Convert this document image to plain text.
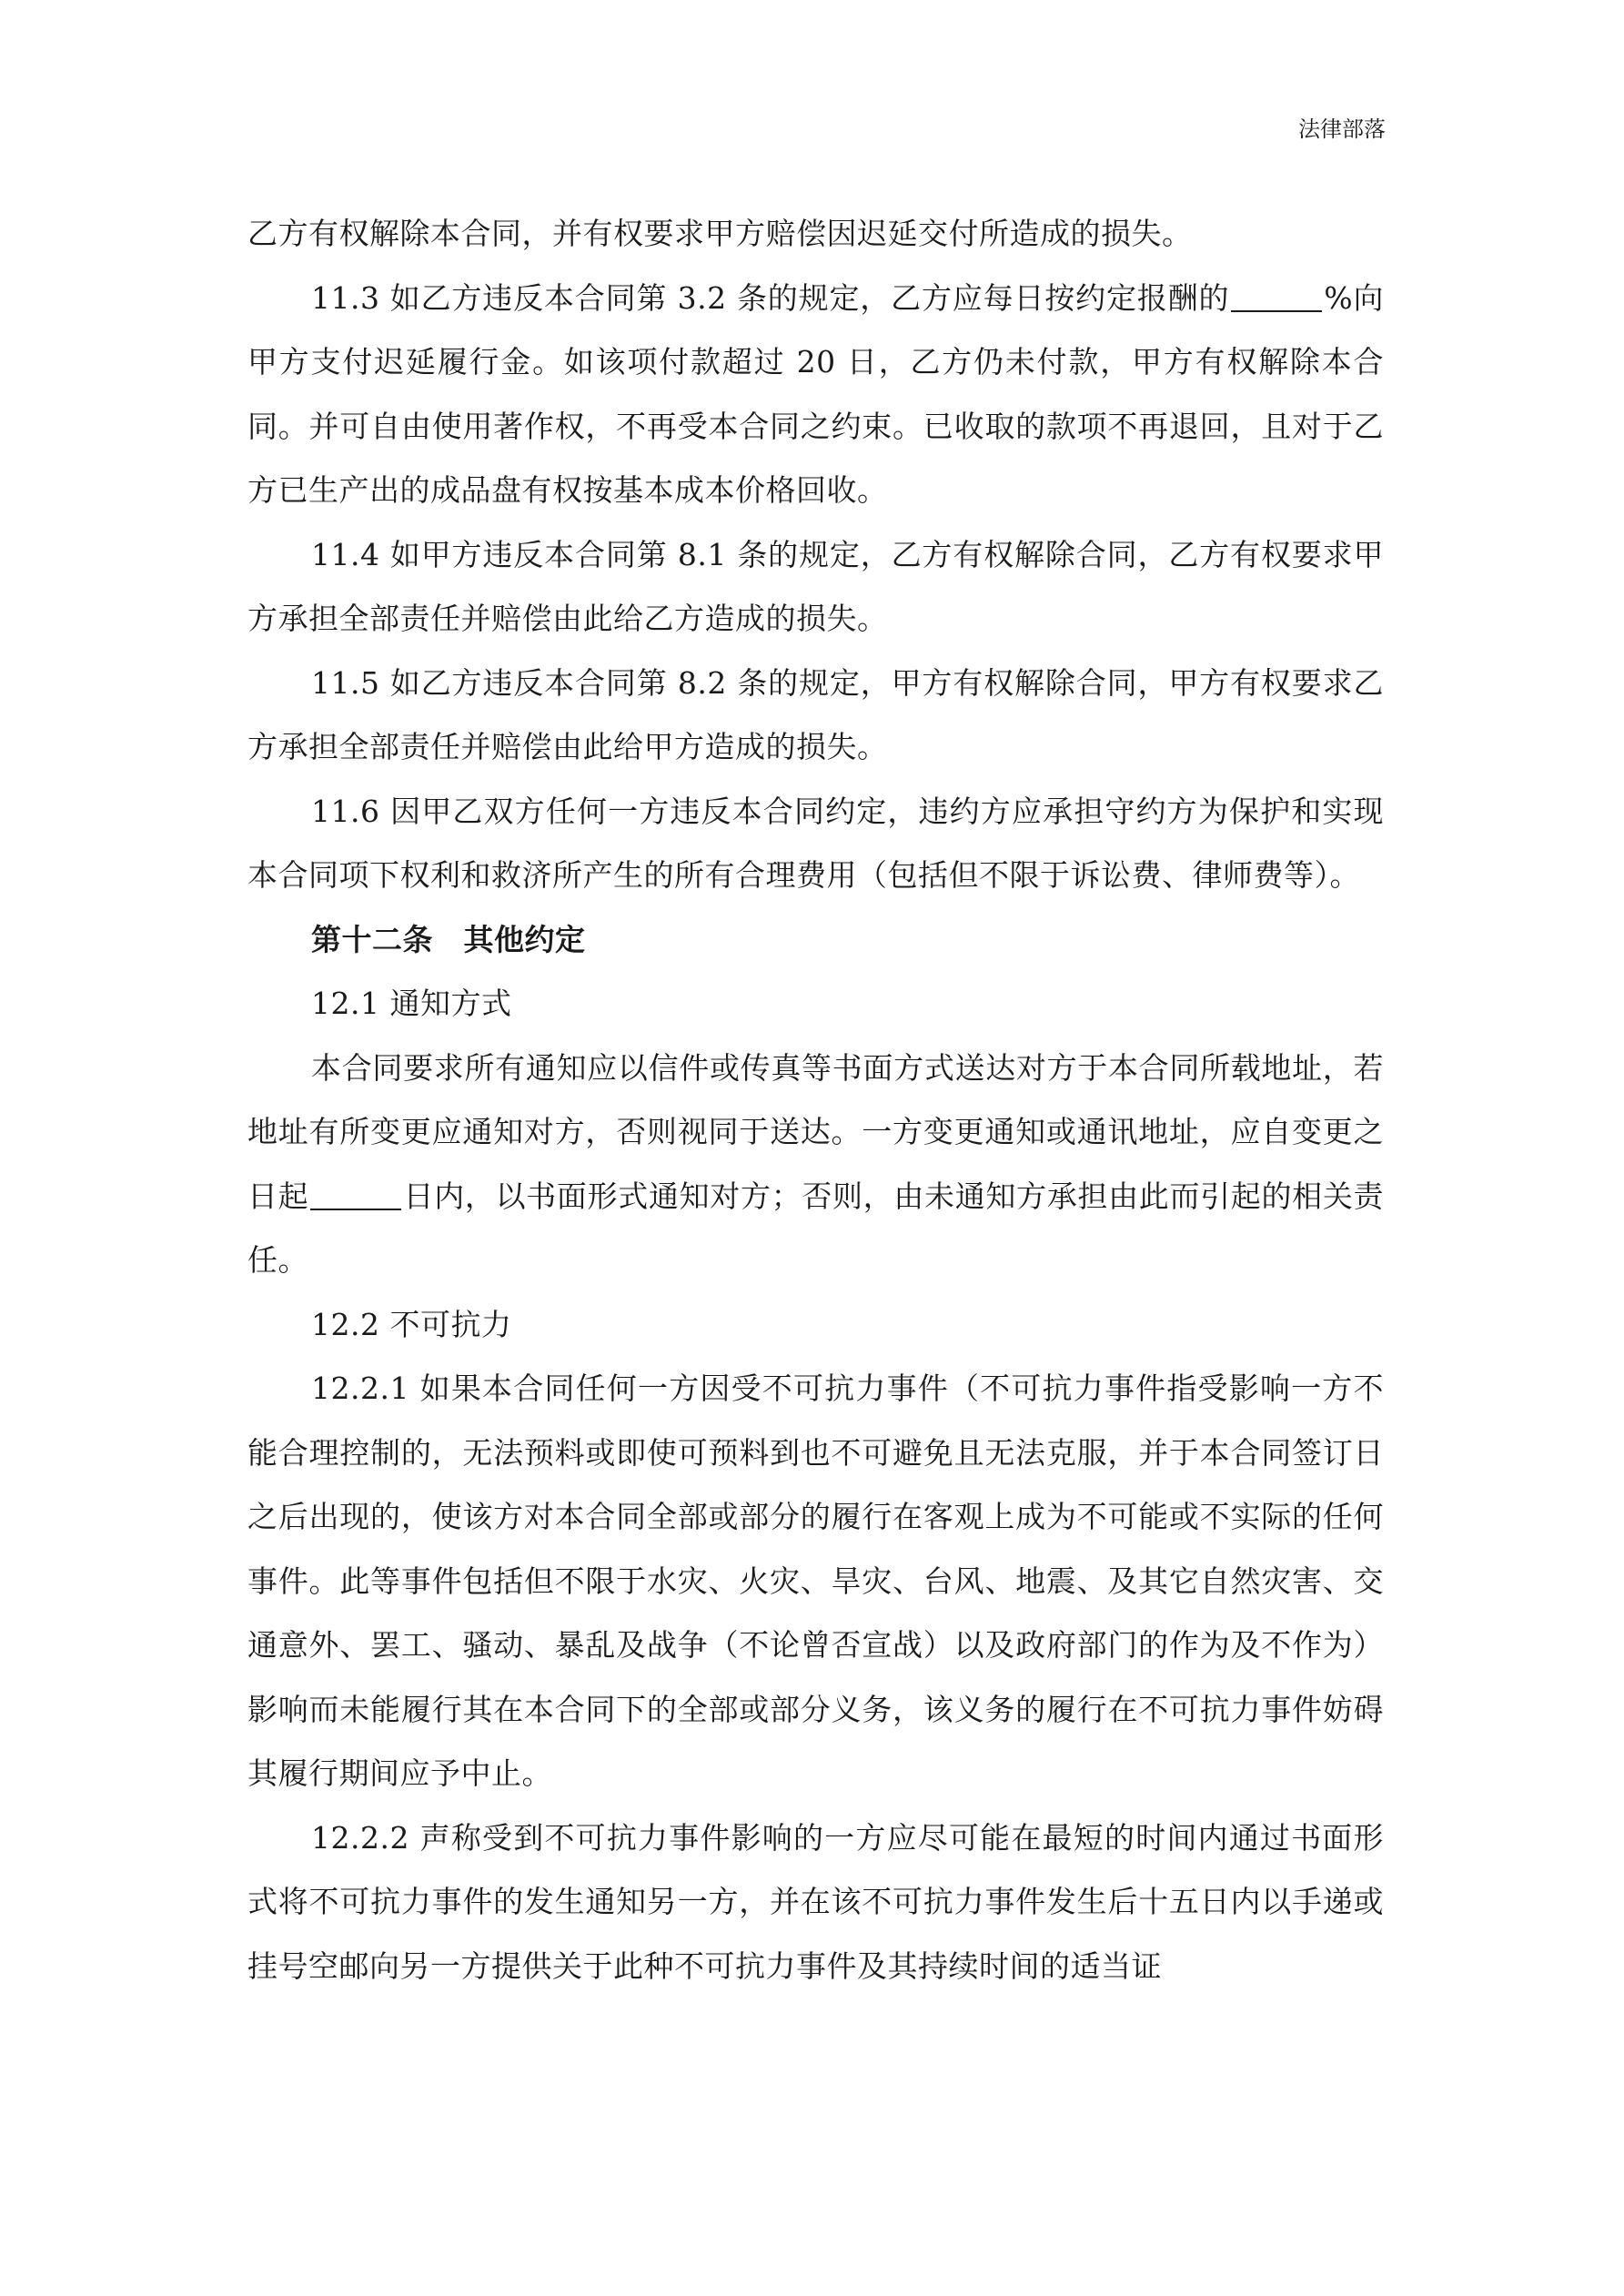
法律部落

乙方有权解除本合同，并有权要求甲方赔偿因迟延交付所造成的损失。

11.3 如乙方违反本合同第 3.2 条的规定，乙方应每日按约定报酬的	%向甲方支付迟延履行金。如该项付款超过 20 日，乙方仍未付款，甲方有权解除本合同。并可自由使用著作权，不再受本合同之约束。已收取的款项不再退回，且对于乙方已生产出的成品盘有权按基本成本价格回收。

11.4 如甲方违反本合同第 8.1 条的规定，乙方有权解除合同，乙方有权要求甲方承担全部责任并赔偿由此给乙方造成的损失。

11.5 如乙方违反本合同第 8.2 条的规定，甲方有权解除合同，甲方有权要求乙方承担全部责任并赔偿由此给甲方造成的损失。

11.6 因甲乙双方任何一方违反本合同约定，违约方应承担守约方为保护和实现本合同项下权利和救济所产生的所有合理费用（包括但不限于诉讼费、律师费等）。

第十二条　其他约定

12.1 通知方式

本合同要求所有通知应以信件或传真等书面方式送达对方于本合同所载地址，若地址有所变更应通知对方，否则视同于送达。一方变更通知或通讯地址，应自变更之日起	日内，以书面形式通知对方；否则，由未通知方承担由此而引起的相关责任。

12.2 不可抗力

12.2.1 如果本合同任何一方因受不可抗力事件（不可抗力事件指受影响一方不能合理控制的，无法预料或即使可预料到也不可避免且无法克服，并于本合同签订日之后出现的，使该方对本合同全部或部分的履行在客观上成为不可能或不实际的任何事件。此等事件包括但不限于水灾、火灾、旱灾、台风、地震、及其它自然灾害、交通意外、罢工、骚动、暴乱及战争（不论曾否宣战）以及政府部门的作为及不作为）影响而未能履行其在本合同下的全部或部分义务，该义务的履行在不可抗力事件妨碍其履行期间应予中止。

12.2.2 声称受到不可抗力事件影响的一方应尽可能在最短的时间内通过书面形式将不可抗力事件的发生通知另一方，并在该不可抗力事件发生后十五日内以手递或挂号空邮向另一方提供关于此种不可抗力事件及其持续时间的适当证
